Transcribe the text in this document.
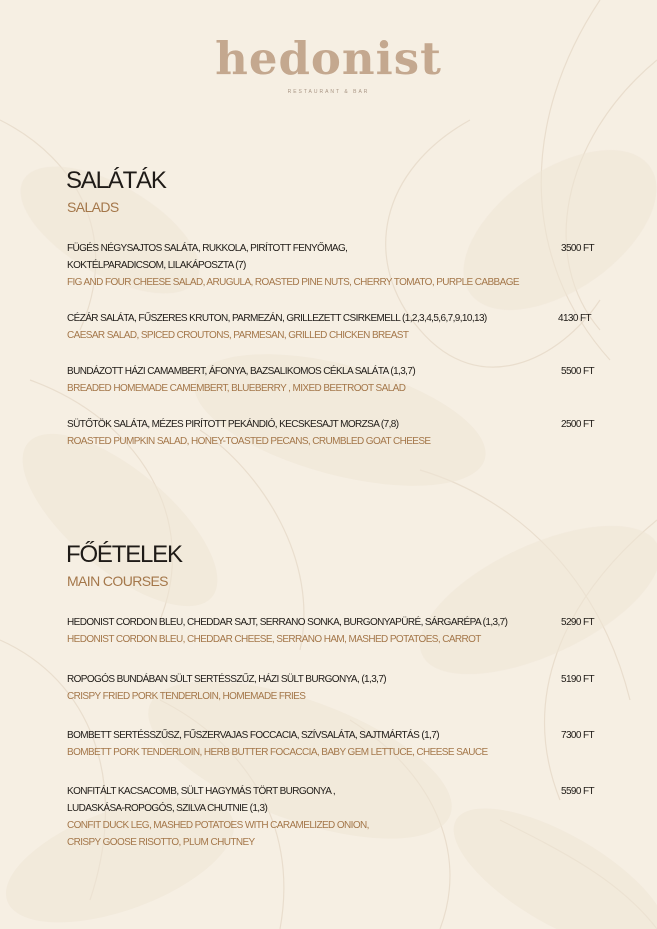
hedonist
RESTAURANT & BAR
SALÁTÁK
SALADS
FÜGÉS NÉGYSAJTOS SALÁTA, RUKKOLA, PIRÍTOTT FENYŐMAG, KOKTÉLPARADICSOM, LILAKÁPOSZTA (7)
FIG AND FOUR CHEESE SALAD, ARUGULA, ROASTED PINE NUTS, CHERRY TOMATO, PURPLE CABBAGE
3500 FT
CÉZÁR SALÁTA, FŰSZERES KRUTON, PARMEZÁN, GRILLEZETT CSIRKEMELL (1,2,3,4,5,6,7,9,10,13)
CAESAR SALAD, SPICED CROUTONS, PARMESAN, GRILLED CHICKEN BREAST
4130 FT
BUNDÁZOTT HÁZI CAMAMBERT, ÁFONYA, BAZSALIKOMOS CÉKLA SALÁTA (1,3,7)
BREADED HOMEMADE CAMEMBERT, BLUEBERRY , MIXED BEETROOT SALAD
5500 FT
SÜTŐTÖK SALÁTA, MÉZES PIRÍTOTT PEKÁNDIÓ, KECSKESAJT MORZSA (7,8)
ROASTED PUMPKIN SALAD, HONEY-TOASTED PECANS, CRUMBLED GOAT CHEESE
2500 FT
FŐÉTELEK
MAIN COURSES
HEDONIST CORDON BLEU, CHEDDAR SAJT, SERRANO SONKA, BURGONYAPÜRÉ, SÁRGARÉPA (1,3,7)
HEDONIST CORDON BLEU, CHEDDAR CHEESE, SERRANO HAM, MASHED POTATOES, CARROT
5290 FT
ROPOGÓS BUNDÁBAN SÜLT SERTÉSSZŰZ, HÁZI SÜLT BURGONYA, (1,3,7)
CRISPY FRIED PORK TENDERLOIN, HOMEMADE FRIES
5190 FT
BOMBETT SERTÉSSZŰSZ, FŰSZERVAJAS FOCCACIA, SZÍVSALÁTA, SAJTMÁRTÁS (1,7)
BOMBETT PORK TENDERLOIN, HERB BUTTER FOCACCIA, BABY GEM LETTUCE, CHEESE SAUCE
7300 FT
KONFITÁLT KACSACOMB, SÜLT HAGYMÁS TÖRT BURGONYA , LUDASKÁSA-ROPOGÓS, SZILVA CHUTNIE (1,3)
CONFIT DUCK LEG, MASHED POTATOES WITH CARAMELIZED ONION, CRISPY GOOSE RISOTTO, PLUM CHUTNEY
5590 FT
